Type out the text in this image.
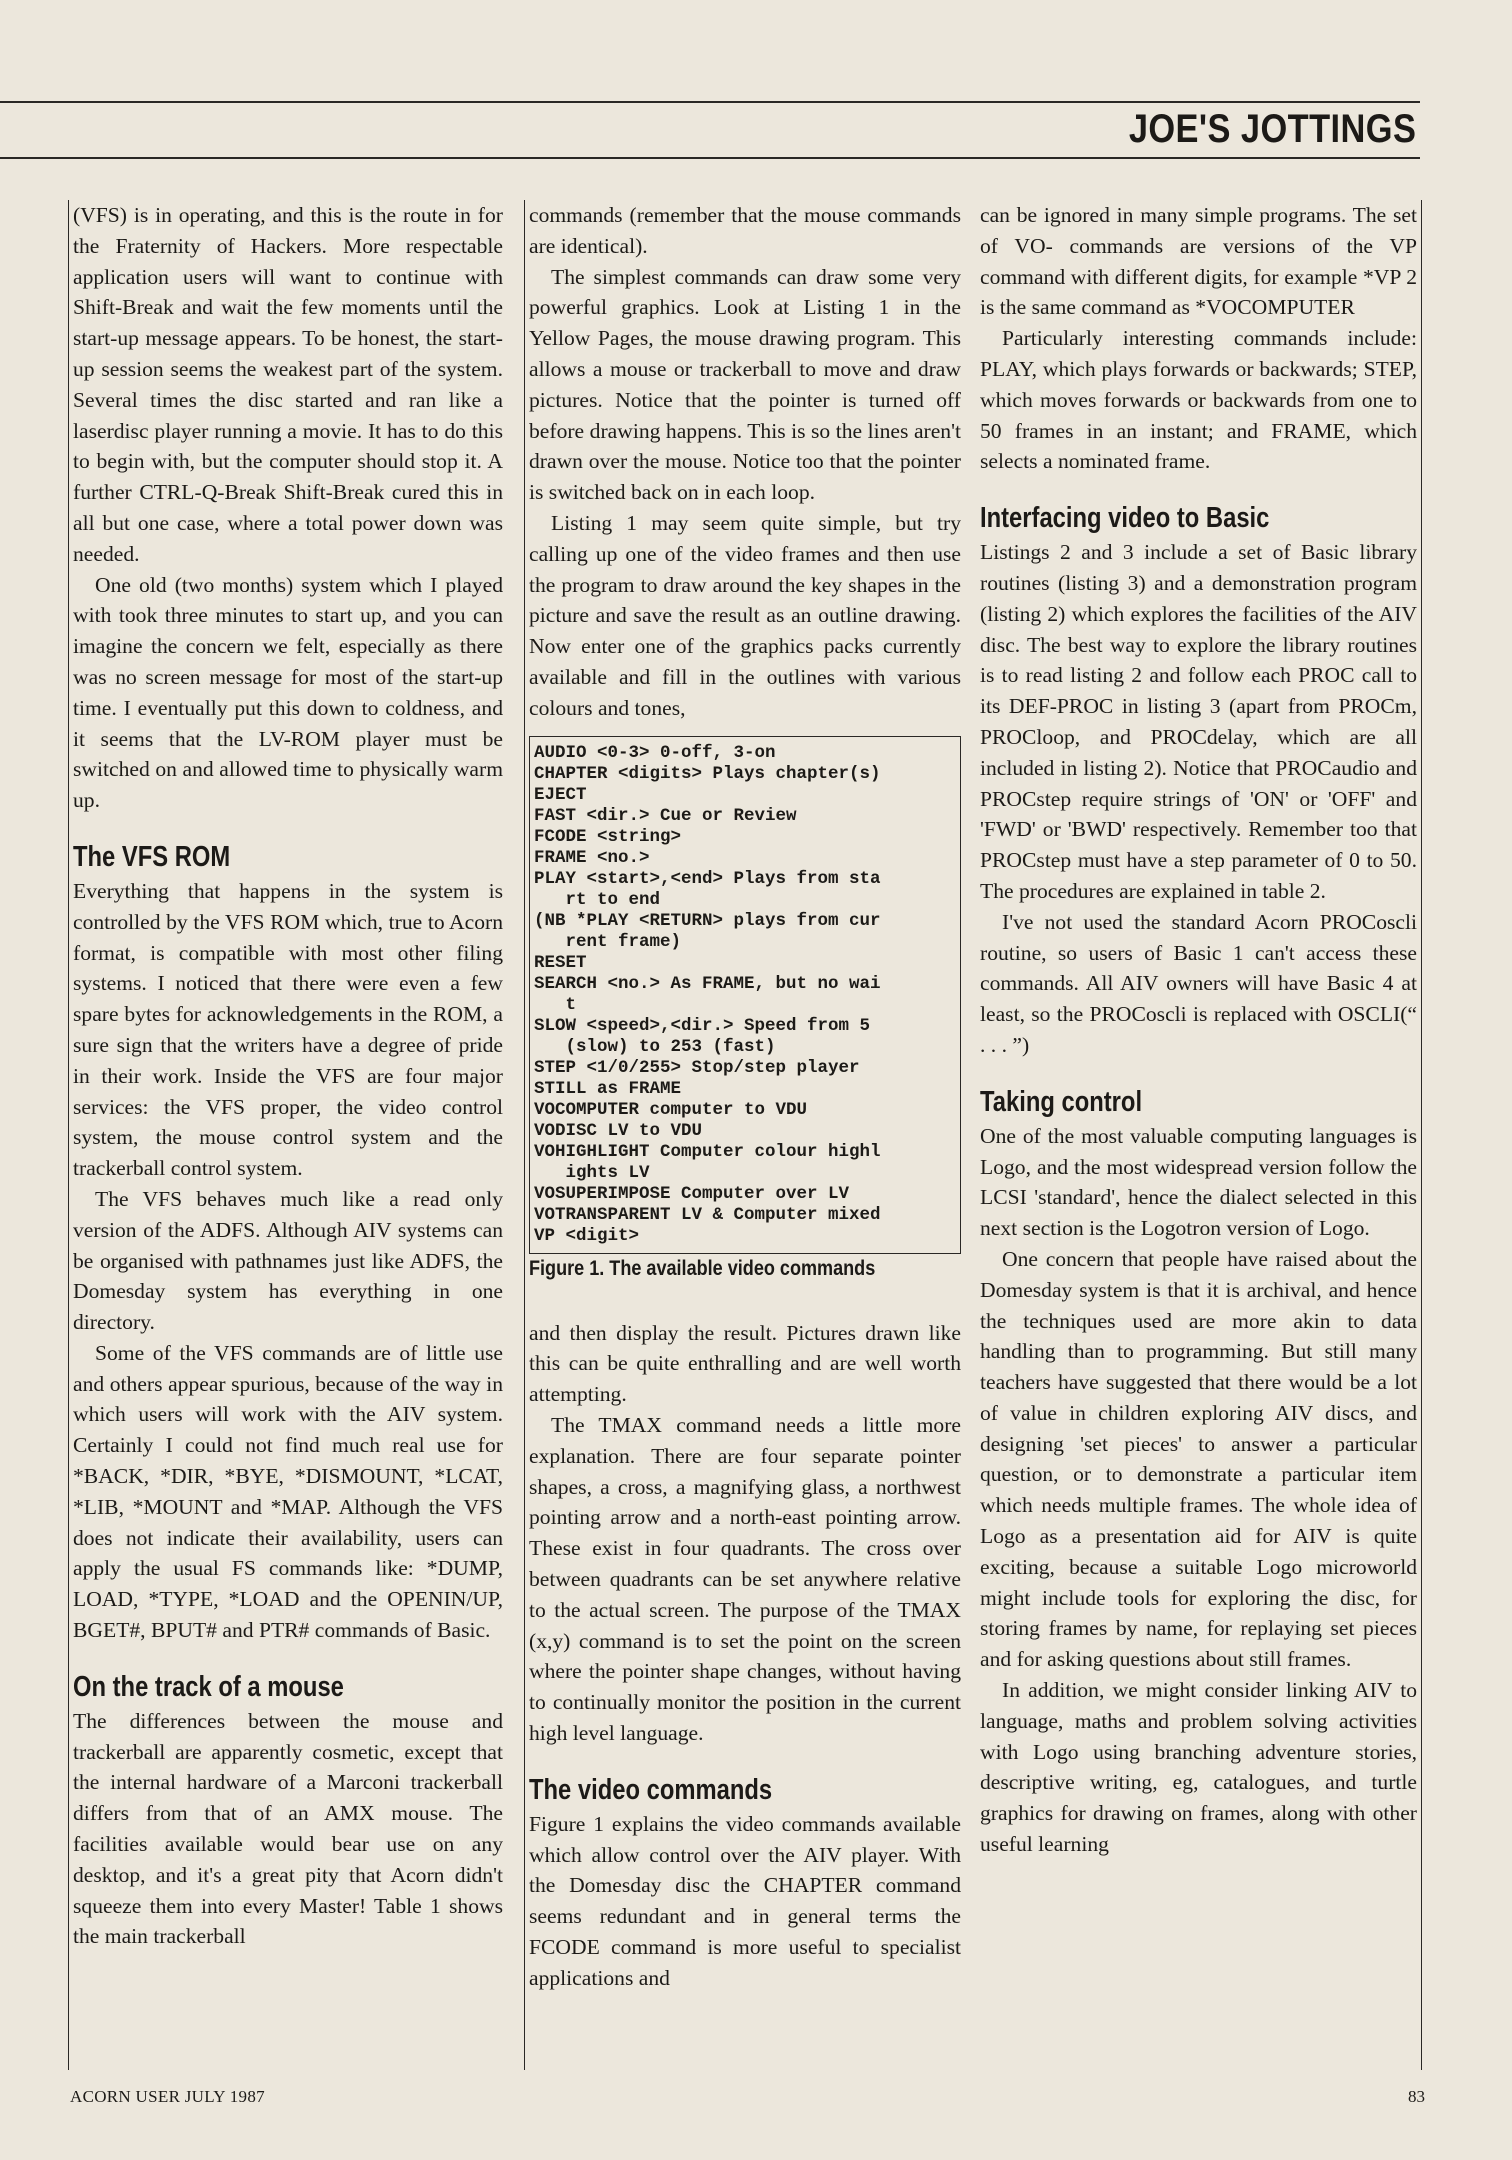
JOE'S JOTTINGS

(VFS) is in operating, and this is the route in for the Fraternity of Hackers. More respectable application users will want to continue with Shift-Break and wait the few moments until the start-up message appears. To be honest, the start-up session seems the weakest part of the system. Several times the disc started and ran like a laserdisc player running a movie. It has to do this to begin with, but the computer should stop it. A further CTRL-Q-Break Shift-Break cured this in all but one case, where a total power down was needed.

One old (two months) system which I played with took three minutes to start up, and you can imagine the concern we felt, especially as there was no screen message for most of the start-up time. I eventually put this down to coldness, and it seems that the LV-ROM player must be switched on and allowed time to physically warm up.

The VFS ROM

Everything that happens in the system is controlled by the VFS ROM which, true to Acorn format, is compatible with most other filing systems. I noticed that there were even a few spare bytes for acknowledgements in the ROM, a sure sign that the writers have a degree of pride in their work. Inside the VFS are four major services: the VFS proper, the video control system, the mouse control system and the trackerball control system.

The VFS behaves much like a read only version of the ADFS. Although AIV systems can be organised with pathnames just like ADFS, the Domesday system has everything in one directory.

Some of the VFS commands are of little use and others appear spurious, because of the way in which users will work with the AIV system. Certainly I could not find much real use for *BACK, *DIR, *BYE, *DISMOUNT, *LCAT, *LIB, *MOUNT and *MAP. Although the VFS does not indicate their availability, users can apply the usual FS commands like: *DUMP, LOAD, *TYPE, *LOAD and the OPENIN/UP, BGET#, BPUT# and PTR# commands of Basic.

On the track of a mouse

The differences between the mouse and trackerball are apparently cosmetic, except that the internal hardware of a Marconi trackerball differs from that of an AMX mouse. The facilities available would bear use on any desktop, and it's a great pity that Acorn didn't squeeze them into every Master! Table 1 shows the main trackerball

commands (remember that the mouse commands are identical).

The simplest commands can draw some very powerful graphics. Look at Listing 1 in the Yellow Pages, the mouse drawing program. This allows a mouse or trackerball to move and draw pictures. Notice that the pointer is turned off before drawing happens. This is so the lines aren't drawn over the mouse. Notice too that the pointer is switched back on in each loop.

Listing 1 may seem quite simple, but try calling up one of the video frames and then use the program to draw around the key shapes in the picture and save the result as an outline drawing. Now enter one of the graphics packs currently available and fill in the outlines with various colours and tones,

AUDIO <0-3> 0-off, 3-on
CHAPTER <digits> Plays chapter(s)
EJECT
FAST <dir.> Cue or Review
FCODE <string>
FRAME <no.>
PLAY <start>,<end> Plays from sta
rt to end
(NB *PLAY <RETURN> plays from cur
rent frame)
RESET
SEARCH <no.> As FRAME, but no wai
t
SLOW <speed>,<dir.> Speed from 5
(slow) to 253 (fast)
STEP <1/0/255> Stop/step player
STILL as FRAME
VOCOMPUTER computer to VDU
VODISC LV to VDU
VOHIGHLIGHT Computer colour highl
ights LV
VOSUPERIMPOSE Computer over LV
VOTRANSPARENT LV & Computer mixed
VP <digit>
Figure 1. The available video commands

and then display the result. Pictures drawn like this can be quite enthralling and are well worth attempting.

The TMAX command needs a little more explanation. There are four separate pointer shapes, a cross, a magnifying glass, a northwest pointing arrow and a north-east pointing arrow. These exist in four quadrants. The cross over between quadrants can be set anywhere relative to the actual screen. The purpose of the TMAX (x,y) command is to set the point on the screen where the pointer shape changes, without having to continually monitor the position in the current high level language.

The video commands

Figure 1 explains the video commands available which allow control over the AIV player. With the Domesday disc the CHAPTER command seems redundant and in general terms the FCODE command is more useful to specialist applications and

can be ignored in many simple programs. The set of VO- commands are versions of the VP command with different digits, for example *VP 2 is the same command as *VOCOMPUTER

Particularly interesting commands include: PLAY, which plays forwards or backwards; STEP, which moves forwards or backwards from one to 50 frames in an instant; and FRAME, which selects a nominated frame.

Interfacing video to Basic

Listings 2 and 3 include a set of Basic library routines (listing 3) and a demonstration program (listing 2) which explores the facilities of the AIV disc. The best way to explore the library routines is to read listing 2 and follow each PROC call to its DEF-PROC in listing 3 (apart from PROCm, PROCloop, and PROCdelay, which are all included in listing 2). Notice that PROCaudio and PROCstep require strings of 'ON' or 'OFF' and 'FWD' or 'BWD' respectively. Remember too that PROCstep must have a step parameter of 0 to 50. The procedures are explained in table 2.

I've not used the standard Acorn PROCoscli routine, so users of Basic 1 can't access these commands. All AIV owners will have Basic 4 at least, so the PROCoscli is replaced with OSCLI(“ . . . ”)

Taking control

One of the most valuable computing languages is Logo, and the most widespread version follow the LCSI 'standard', hence the dialect selected in this next section is the Logotron version of Logo.

One concern that people have raised about the Domesday system is that it is archival, and hence the techniques used are more akin to data handling than to programming. But still many teachers have suggested that there would be a lot of value in children exploring AIV discs, and designing 'set pieces' to answer a particular question, or to demonstrate a particular item which needs multiple frames. The whole idea of Logo as a presentation aid for AIV is quite exciting, because a suitable Logo microworld might include tools for exploring the disc, for storing frames by name, for replaying set pieces and for asking questions about still frames.

In addition, we might consider linking AIV to language, maths and problem solving activities with Logo using branching adventure stories, descriptive writing, eg, catalogues, and turtle graphics for drawing on frames, along with other useful learning

ACORN USER JULY 1987	83
